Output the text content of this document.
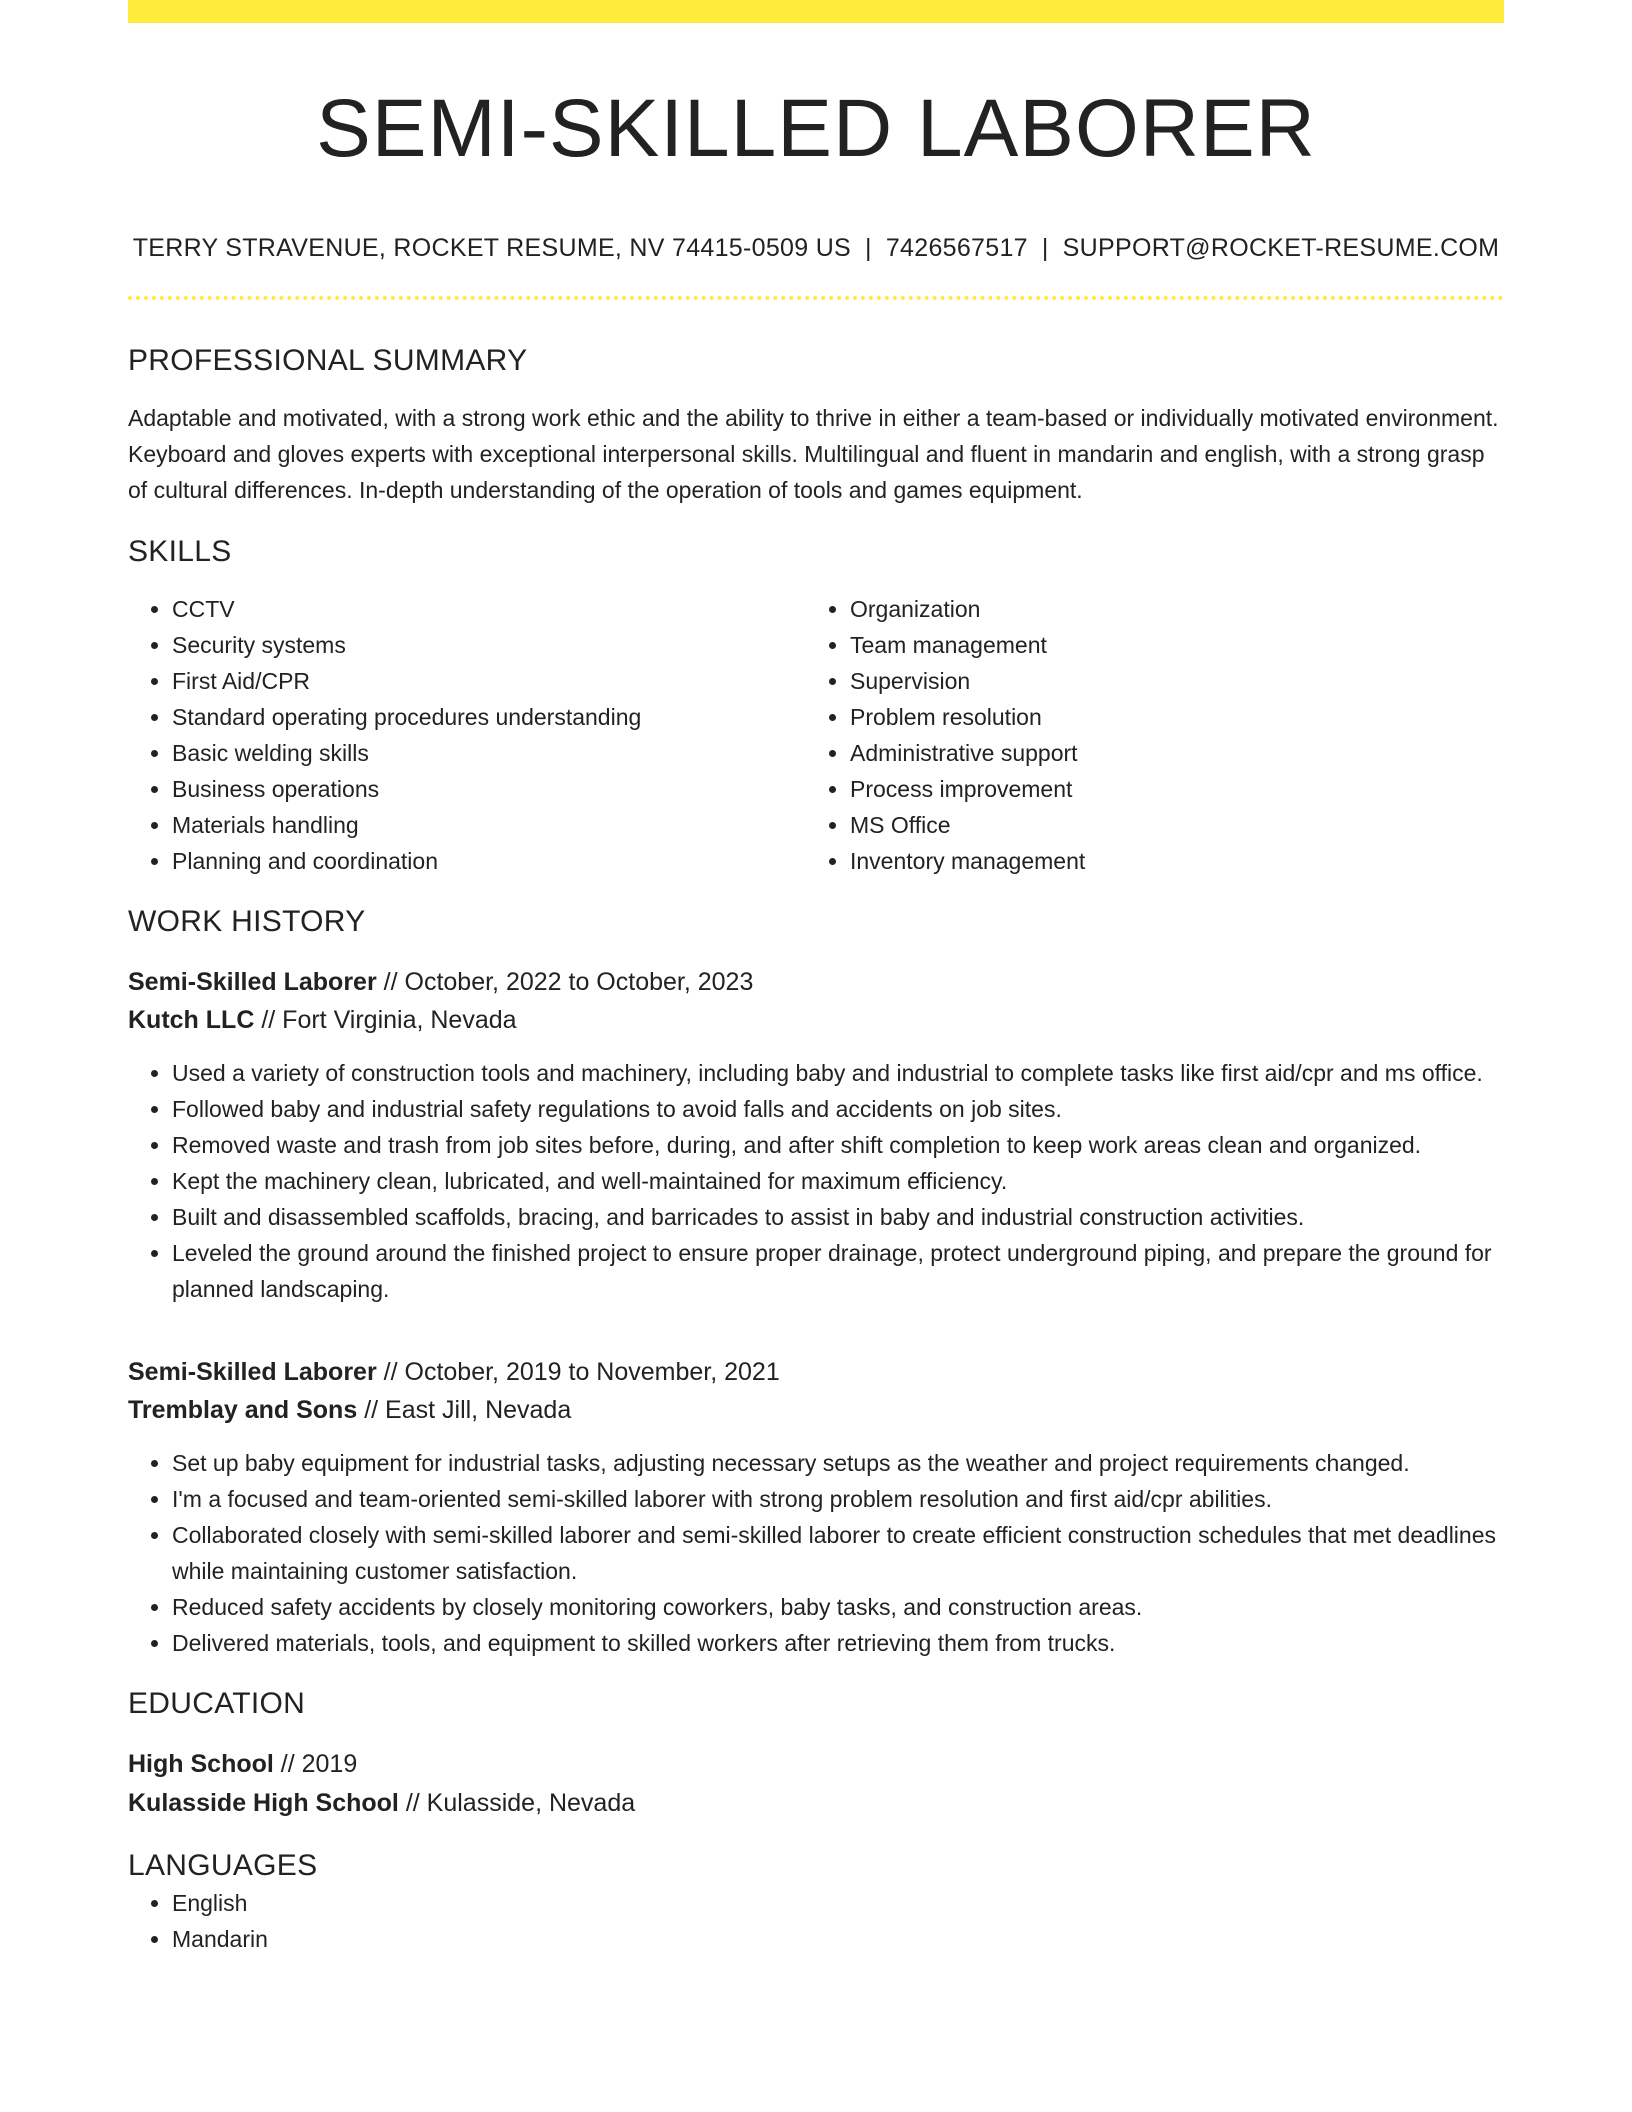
SEMI-SKILLED LABORER
TERRY STRAVENUE, ROCKET RESUME, NV 74415-0509 US | 7426567517 | SUPPORT@ROCKET-RESUME.COM
PROFESSIONAL SUMMARY
Adaptable and motivated, with a strong work ethic and the ability to thrive in either a team-based or individually motivated environment. Keyboard and gloves experts with exceptional interpersonal skills. Multilingual and fluent in mandarin and english, with a strong grasp of cultural differences. In-depth understanding of the operation of tools and games equipment.
SKILLS
• CCTV
• Security systems
• First Aid/CPR
• Standard operating procedures understanding
• Basic welding skills
• Business operations
• Materials handling
• Planning and coordination
• Organization
• Team management
• Supervision
• Problem resolution
• Administrative support
• Process improvement
• MS Office
• Inventory management
WORK HISTORY
Semi-Skilled Laborer // October, 2022 to October, 2023
Kutch LLC // Fort Virginia, Nevada
• Used a variety of construction tools and machinery, including baby and industrial to complete tasks like first aid/cpr and ms office.
• Followed baby and industrial safety regulations to avoid falls and accidents on job sites.
• Removed waste and trash from job sites before, during, and after shift completion to keep work areas clean and organized.
• Kept the machinery clean, lubricated, and well-maintained for maximum efficiency.
• Built and disassembled scaffolds, bracing, and barricades to assist in baby and industrial construction activities.
• Leveled the ground around the finished project to ensure proper drainage, protect underground piping, and prepare the ground for planned landscaping.
Semi-Skilled Laborer // October, 2019 to November, 2021
Tremblay and Sons // East Jill, Nevada
• Set up baby equipment for industrial tasks, adjusting necessary setups as the weather and project requirements changed.
• I'm a focused and team-oriented semi-skilled laborer with strong problem resolution and first aid/cpr abilities.
• Collaborated closely with semi-skilled laborer and semi-skilled laborer to create efficient construction schedules that met deadlines while maintaining customer satisfaction.
• Reduced safety accidents by closely monitoring coworkers, baby tasks, and construction areas.
• Delivered materials, tools, and equipment to skilled workers after retrieving them from trucks.
EDUCATION
High School // 2019
Kulasside High School // Kulasside, Nevada
LANGUAGES
• English
• Mandarin
